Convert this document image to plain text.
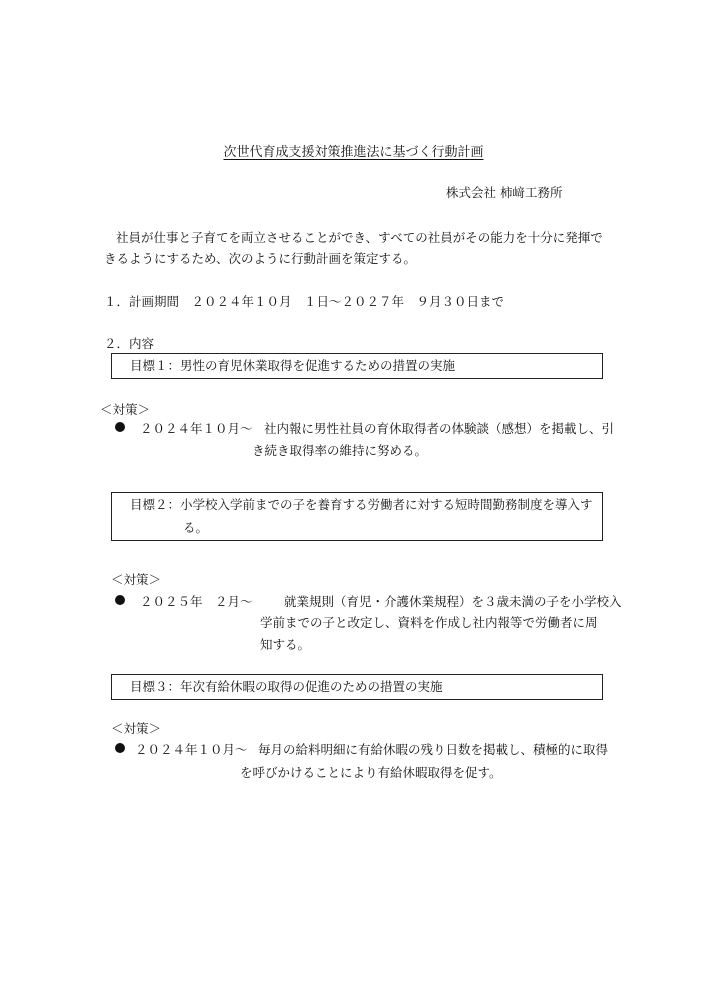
次世代育成支援対策推進法に基づく行動計画
株式会社 柿﨑工務所
社員が仕事と子育てを両立させることができ、すべての社員がその能力を十分に発揮で
きるようにするため、次のように行動計画を策定する。
１．計画期間　２０２４年１０月　１日～２０２７年　９月３０日まで
２．内容
目標１：男性の育児休業取得を促進するための措置の実施
＜対策＞
２０２４年１０月～ 社内報に男性社員の育休取得者の体験談（感想）を掲載し、引
き続き取得率の維持に努める。
目標２：小学校入学前までの子を養育する労働者に対する短時間勤務制度を導入す
る。
＜対策＞
２０２５年　２月～	就業規則（育児・介護休業規程）を３歳未満の子を小学校入
学前までの子と改定し、資料を作成し社内報等で労働者に周
知する。
目標３：年次有給休暇の取得の促進のための措置の実施
＜対策＞
２０２４年１０月～ 毎月の給料明細に有給休暇の残り日数を掲載し、積極的に取得
を呼びかけることにより有給休暇取得を促す。
